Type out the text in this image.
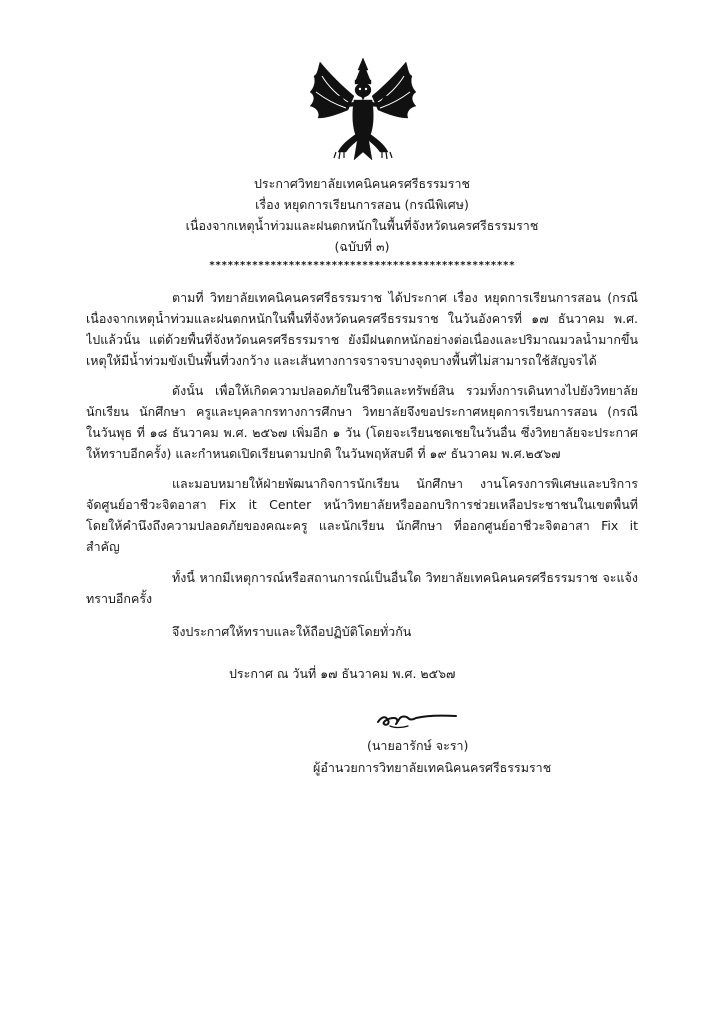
ประกาศวิทยาลัยเทคนิคนครศรีธรรมราช
เรื่อง หยุดการเรียนการสอน (กรณีพิเศษ)
เนื่องจากเหตุน้ำท่วมและฝนตกหนักในพื้นที่จังหวัดนครศรีธรรมราช
(ฉบับที่ ๓)
**************************************************
ตามที่ วิทยาลัยเทคนิคนครศรีธรรมราช ได้ประกาศ เรื่อง หยุดการเรียนการสอน (กรณี
เนื่องจากเหตุน้ำท่วมและฝนตกหนักในพื้นที่จังหวัดนครศรีธรรมราช ในวันอังคารที่ ๑๗ ธันวาคม พ.ศ.
ไปแล้วนั้น แต่ด้วยพื้นที่จังหวัดนครศรีธรรมราช ยังมีฝนตกหนักอย่างต่อเนื่องและปริมาณมวลน้ำมากขึ้น
เหตุให้มีน้ำท่วมขังเป็นพื้นที่วงกว้าง และเส้นทางการจราจรบางจุดบางพื้นที่ไม่สามารถใช้สัญจรได้
ดังนั้น เพื่อให้เกิดความปลอดภัยในชีวิตและทรัพย์สิน รวมทั้งการเดินทางไปยังวิทยาลัย
นักเรียน นักศึกษา ครูและบุคลากรทางการศึกษา วิทยาลัยจึงขอประกาศหยุดการเรียนการสอน (กรณี
ในวันพุธ ที่ ๑๘ ธันวาคม พ.ศ. ๒๕๖๗ เพิ่มอีก ๑ วัน (โดยจะเรียนชดเชยในวันอื่น ซึ่งวิทยาลัยจะประกาศ
ให้ทราบอีกครั้ง) และกำหนดเปิดเรียนตามปกติ ในวันพฤหัสบดี ที่ ๑๙ ธันวาคม พ.ศ.๒๕๖๗
และมอบหมายให้ฝ่ายพัฒนากิจการนักเรียน นักศึกษา งานโครงการพิเศษและบริการ
จัดศูนย์อาชีวะจิตอาสา Fix it Center หน้าวิทยาลัยหรือออกบริการช่วยเหลือประชาชนในเขตพื้นที่
โดยให้คำนึงถึงความปลอดภัยของคณะครู และนักเรียน นักศึกษา ที่ออกศูนย์อาชีวะจิตอาสา Fix it
สำคัญ
ทั้งนี้ หากมีเหตุการณ์หรือสถานการณ์เป็นอื่นใด วิทยาลัยเทคนิคนครศรีธรรมราช จะแจ้ง
ทราบอีกครั้ง
จึงประกาศให้ทราบและให้ถือปฏิบัติโดยทั่วกัน
ประกาศ ณ วันที่ ๑๗ ธันวาคม พ.ศ. ๒๕๖๗
(นายอารักษ์ จะรา)
ผู้อำนวยการวิทยาลัยเทคนิคนครศรีธรรมราช
